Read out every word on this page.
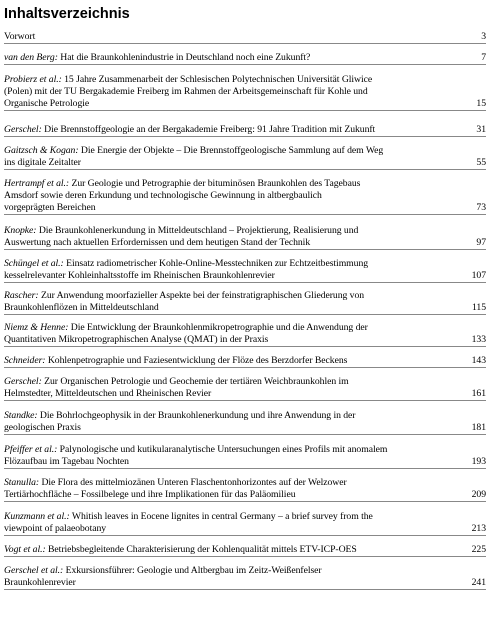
Inhaltsverzeichnis
Vorwort	3
van den Berg: Hat die Braunkohlenindustrie in Deutschland noch eine Zukunft?	7
Probierz et al.: 15 Jahre Zusammenarbeit der Schlesischen Polytechnischen Universität Gliwice
(Polen) mit der TU Bergakademie Freiberg im Rahmen der Arbeitsgemeinschaft für Kohle und
Organische Petrologie	15
Gerschel: Die Brennstoffgeologie an der Bergakademie Freiberg: 91 Jahre Tradition mit Zukunft	31
Gaitzsch & Kogan: Die Energie der Objekte – Die Brennstoffgeologische Sammlung auf dem Weg
ins digitale Zeitalter	55
Hertrampf et al.: Zur Geologie und Petrographie der bituminösen Braunkohlen des Tagebaus
Amsdorf sowie deren Erkundung und technologische Gewinnung in altbergbaulich
vorgeprägten Bereichen	73
Knopke: Die Braunkohlenerkundung in Mitteldeutschland – Projektierung, Realisierung und
Auswertung nach aktuellen Erfordernissen und dem heutigen Stand der Technik	97
Schüngel et al.: Einsatz radiometrischer Kohle-Online-Messtechniken zur Echtzeitbestimmung
kesselrelevanter Kohleinhaltsstoffe im Rheinischen Braunkohlenrevier	107
Rascher: Zur Anwendung moorfazieller Aspekte bei der feinstratigraphischen Gliederung von
Braunkohlenflözen in Mitteldeutschland	115
Niemz & Henne: Die Entwicklung der Braunkohlenmikropetrographie und die Anwendung der
Quantitativen Mikropetrographischen Analyse (QMAT) in der Praxis	133
Schneider: Kohlenpetrographie und Faziesentwicklung der Flöze des Berzdorfer Beckens	143
Gerschel: Zur Organischen Petrologie und Geochemie der tertiären Weichbraunkohlen im
Helmstedter, Mitteldeutschen und Rheinischen Revier	161
Standke: Die Bohrlochgeophysik in der Braunkohlenerkundung und ihre Anwendung in der
geologischen Praxis	181
Pfeiffer et al.: Palynologische und kutikularanalytische Untersuchungen eines Profils mit anomalem
Flözaufbau im Tagebau Nochten	193
Stanulla: Die Flora des mittelmiozänen Unteren Flaschentonhorizontes auf der Welzower
Tertiärhochfläche – Fossilbelege und ihre Implikationen für das Paläomilieu	209
Kunzmann et al.: Whitish leaves in Eocene lignites in central Germany – a brief survey from the
viewpoint of palaeobotany	213
Vogt et al.: Betriebsbegleitende Charakterisierung der Kohlenqualität mittels ETV-ICP-OES	225
Gerschel et al.: Exkursionsführer: Geologie und Altbergbau im Zeitz-Weißenfelser
Braunkohlenrevier	241
